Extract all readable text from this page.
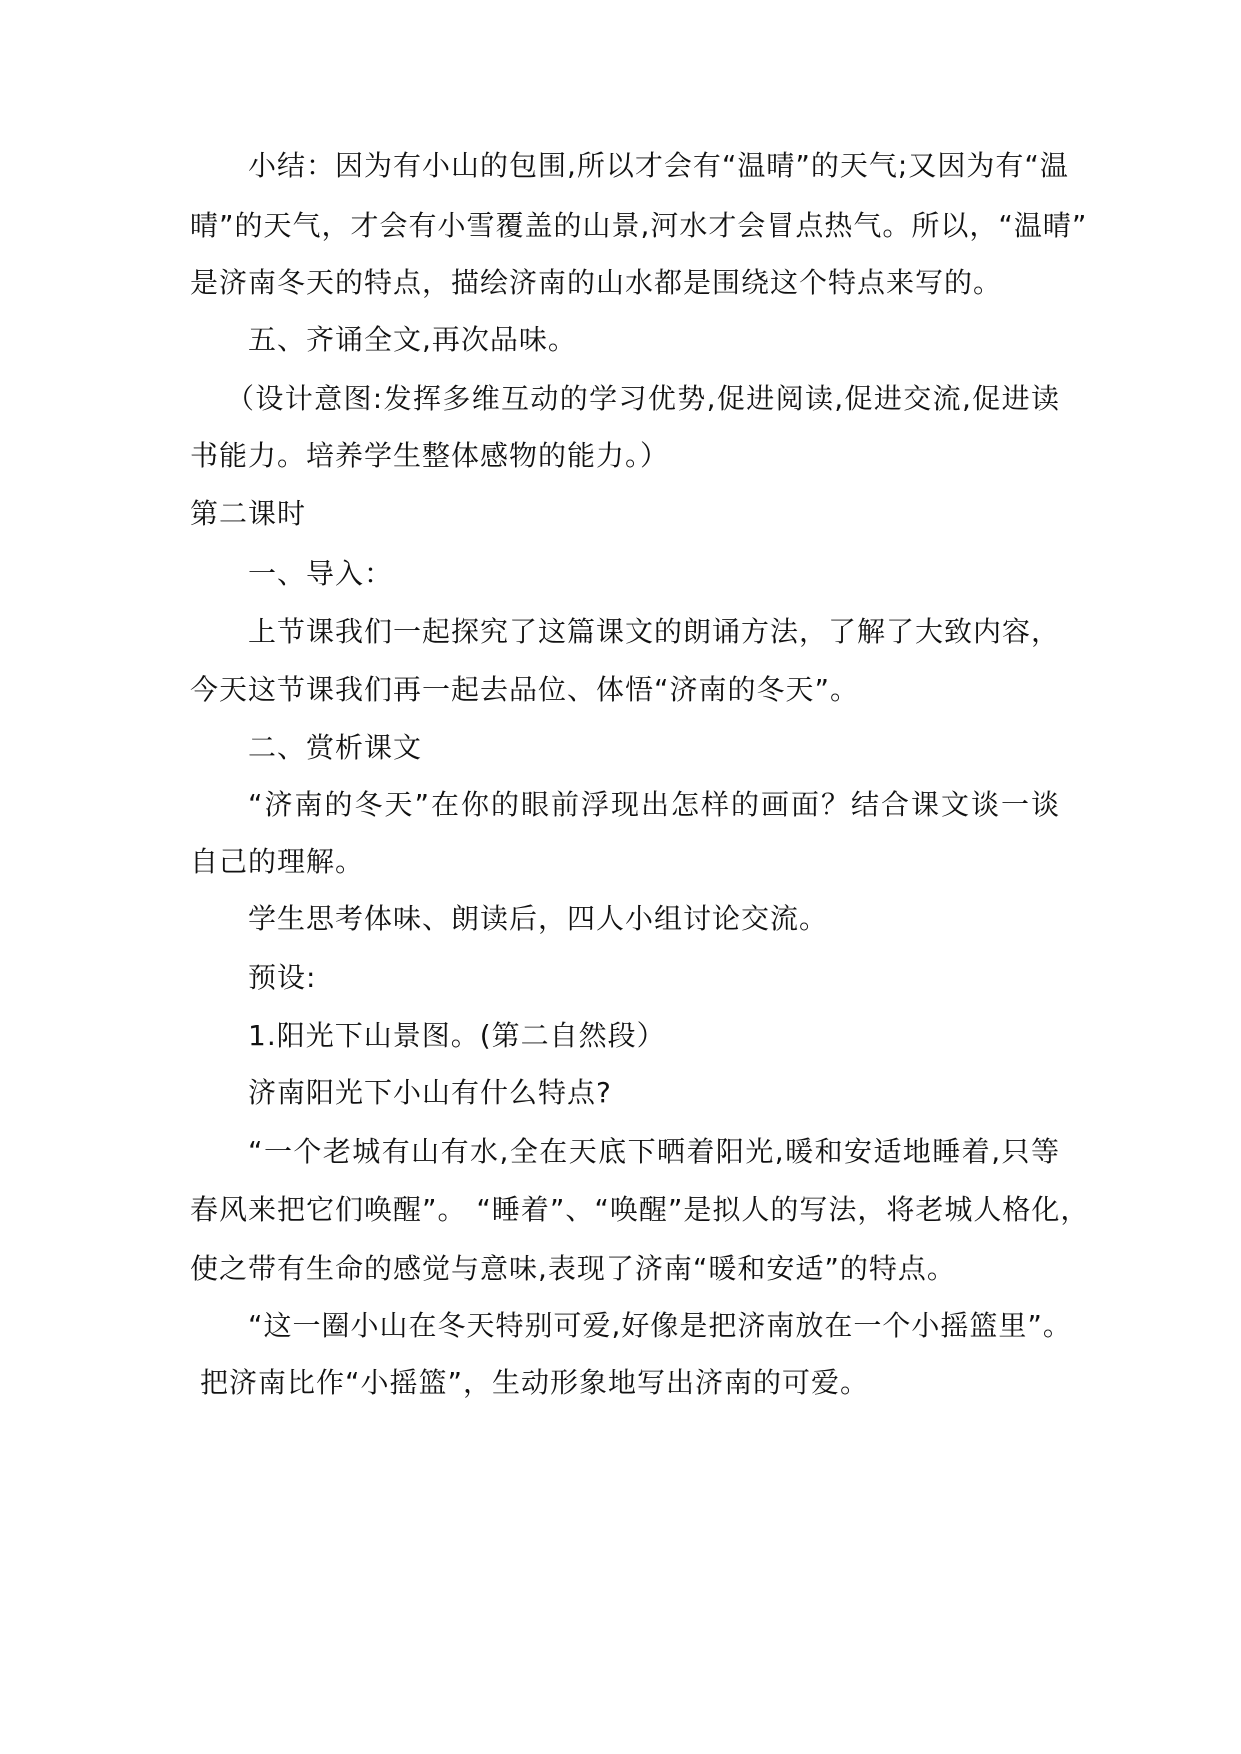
小结：因为有小山的包围,所以才会有“温晴”的天气;又因为有“温
晴”的天气，才会有小雪覆盖的山景,河水才会冒点热气。所以，“温晴”
是济南冬天的特点，描绘济南的山水都是围绕这个特点来写的。
五、齐诵全文,再次品味。
（设计意图:发挥多维互动的学习优势,促进阅读,促进交流,促进读
书能力。培养学生整体感物的能力。）
第二课时
一、导入：
上节课我们一起探究了这篇课文的朗诵方法，了解了大致内容，
今天这节课我们再一起去品位、体悟“济南的冬天”。
二、赏析课文
“济南的冬天”在你的眼前浮现出怎样的画面？结合课文谈一谈
自己的理解。
学生思考体味、朗读后，四人小组讨论交流。
预设:
1.阳光下山景图。(第二自然段）
济南阳光下小山有什么特点?
“一个老城有山有水,全在天底下晒着阳光,暖和安适地睡着,只等
春风来把它们唤醒”。 “睡着”、“唤醒”是拟人的写法，将老城人格化，
使之带有生命的感觉与意味,表现了济南“暖和安适”的特点。
“这一圈小山在冬天特别可爱,好像是把济南放在一个小摇篮里”。
把济南比作“小摇篮”，生动形象地写出济南的可爱。
